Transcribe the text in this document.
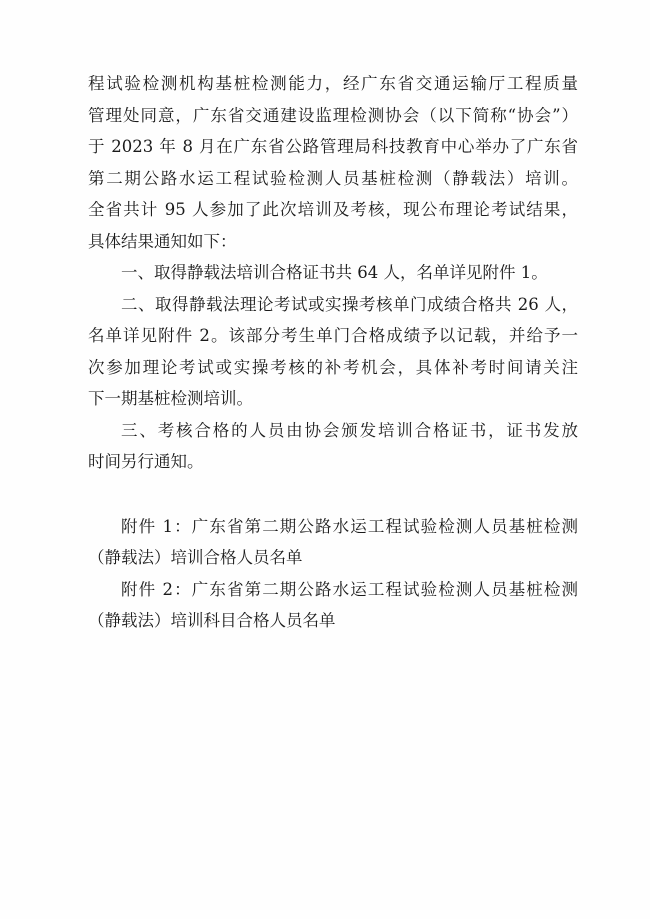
程试验检测机构基桩检测能力，经广东省交通运输厅工程质量
管理处同意，广东省交通建设监理检测协会（以下简称“协会”）
于 2023 年 8 月在广东省公路管理局科技教育中心举办了广东省
第二期公路水运工程试验检测人员基桩检测（静载法）培训。
全省共计 95 人参加了此次培训及考核，现公布理论考试结果，
具体结果通知如下：

一、取得静载法培训合格证书共 64 人，名单详见附件 1。

二、取得静载法理论考试或实操考核单门成绩合格共 26 人，
名单详见附件 2。该部分考生单门合格成绩予以记载，并给予一
次参加理论考试或实操考核的补考机会，具体补考时间请关注
下一期基桩检测培训。

三、考核合格的人员由协会颁发培训合格证书，证书发放
时间另行通知。

附件 1：广东省第二期公路水运工程试验检测人员基桩检测
（静载法）培训合格人员名单

附件 2：广东省第二期公路水运工程试验检测人员基桩检测
（静载法）培训科目合格人员名单
